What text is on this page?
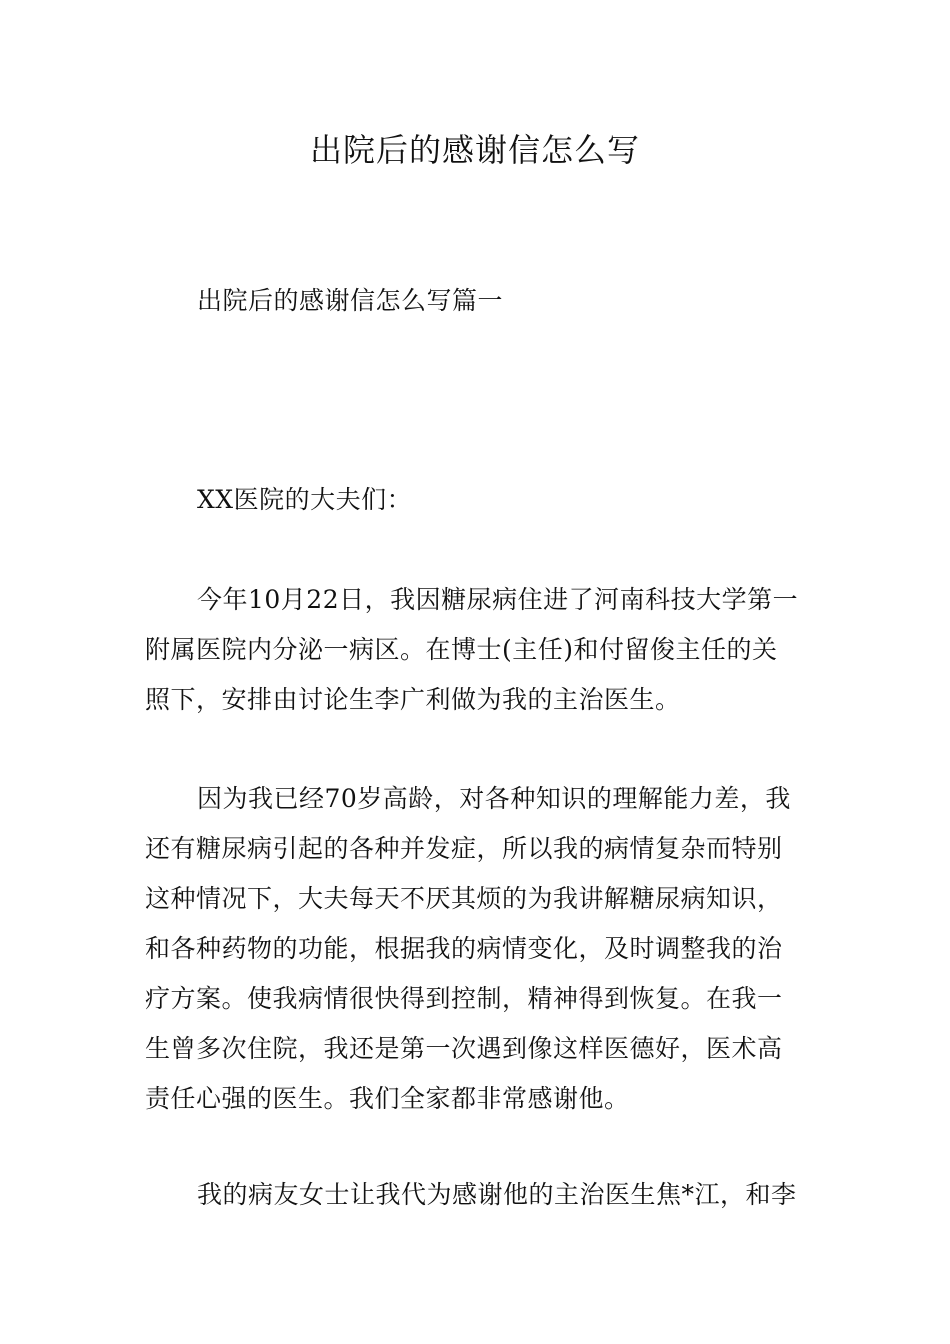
出院后的感谢信怎么写
出院后的感谢信怎么写篇一
XX医院的大夫们：
今年10月22日，我因糖尿病住进了河南科技大学第一
附属医院内分泌一病区。在博士(主任)和付留俊主任的关
照下，安排由讨论生李广利做为我的主治医生。
因为我已经70岁高龄，对各种知识的理解能力差，我
还有糖尿病引起的各种并发症，所以我的病情复杂而特别
这种情况下，大夫每天不厌其烦的为我讲解糖尿病知识，
和各种药物的功能，根据我的病情变化，及时调整我的治
疗方案。使我病情很快得到控制，精神得到恢复。在我一
生曾多次住院，我还是第一次遇到像这样医德好，医术高
责任心强的医生。我们全家都非常感谢他。
我的病友女士让我代为感谢他的主治医生焦*江，和李
